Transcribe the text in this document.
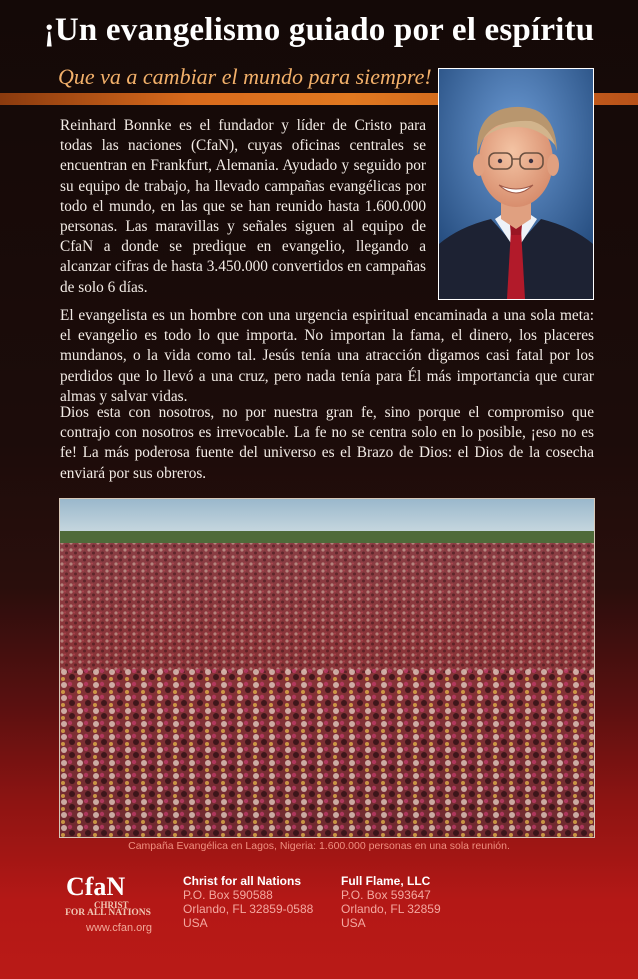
¡Un evangelismo guiado por el espíritu
Que va a cambiar el mundo para siempre!
Reinhard Bonnke es el fundador y líder de Cristo para todas las naciones (CfaN), cuyas oficinas centrales se encuentran en Frankfurt, Alemania. Ayudado y seguido por su equipo de trabajo, ha llevado campañas evangélicas por todo el mundo, en las que se han reunido hasta 1.600.000 personas. Las maravillas y señales siguen al equipo de CfaN a donde se predique en evangelio, llegando a alcanzar cifras de hasta 3.450.000 convertidos en campañas de solo 6 días.
El evangelista es un hombre con una urgencia espiritual encaminada a una sola meta: el evangelio es todo lo que importa. No importan la fama, el dinero, los placeres mundanos, o la vida como tal. Jesús tenía una atracción digamos casi fatal por los perdidos que lo llevó a una cruz, pero nada tenía para Él más importancia que curar almas y salvar vidas.
Dios esta con nosotros, no por nuestra gran fe, sino porque el compromiso que contrajo con nosotros es irrevocable. La fe no se centra solo en lo posible, ¡eso no es fe! La más poderosa fuente del universo es el Brazo de Dios: el Dios de la cosecha enviará por sus obreros.
Campaña Evangélica en Lagos, Nigeria: 1.600.000 personas en una sola reunión.
CfaN
CHRIST
FOR ALL NATIONS
www.cfan.org
Christ for all Nations
P.O. Box 590588
Orlando, FL 32859-0588
USA
Full Flame, LLC
P.O. Box 593647
Orlando, FL 32859
USA
